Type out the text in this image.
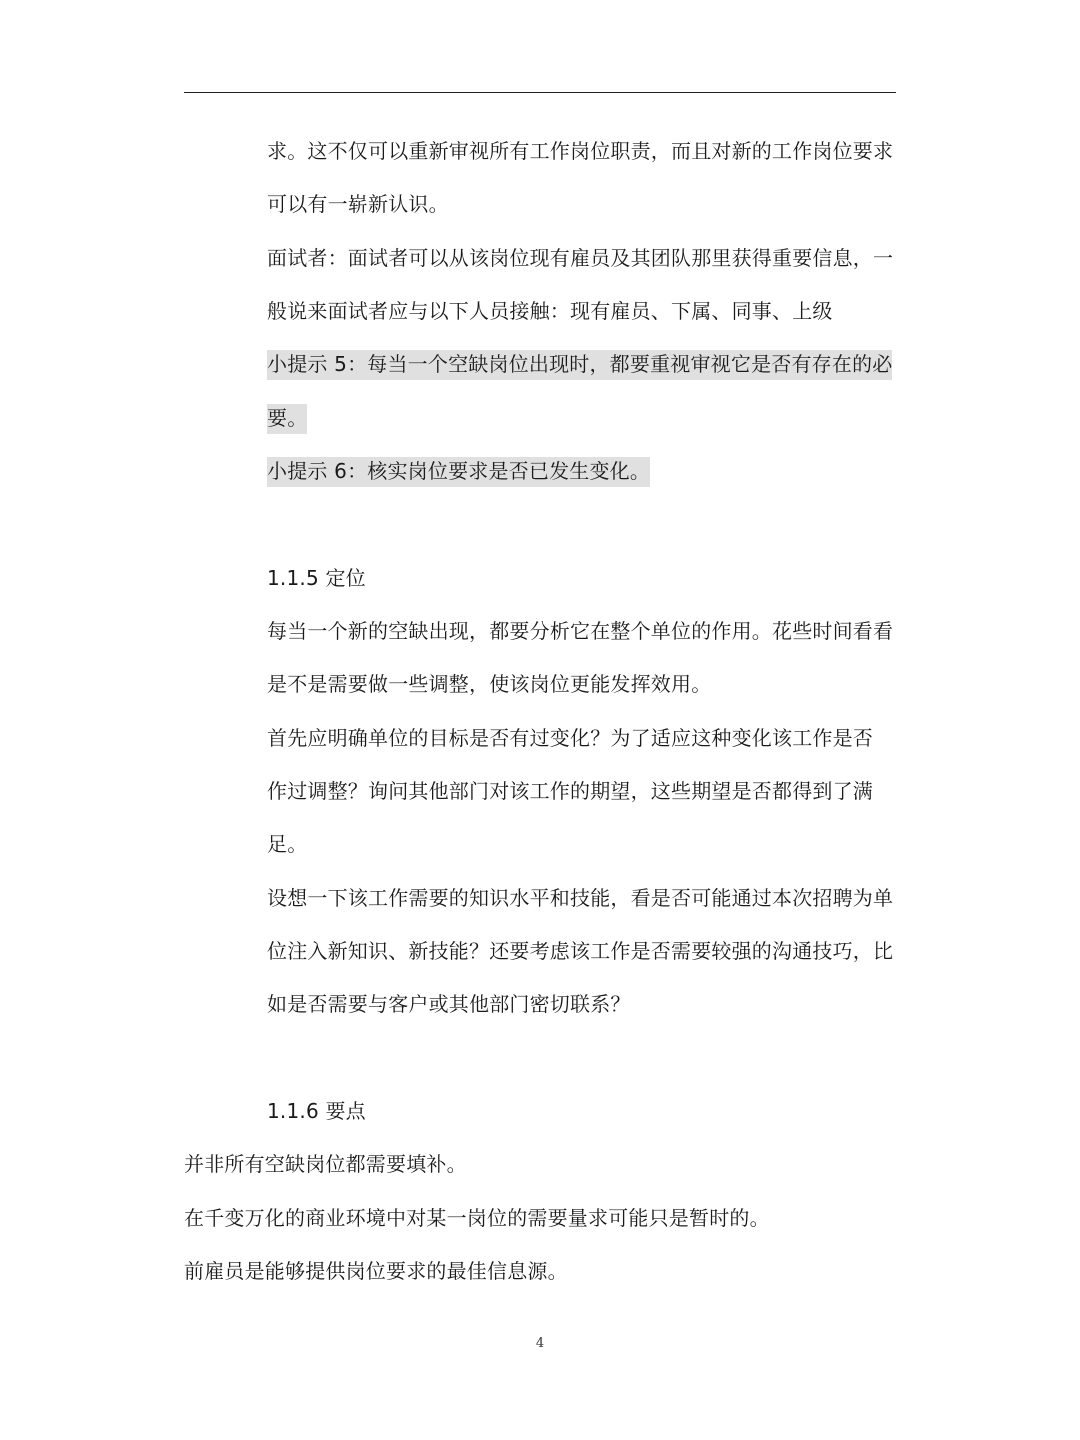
求。这不仅可以重新审视所有工作岗位职责，而且对新的工作岗位要求
可以有一崭新认识。
面试者：面试者可以从该岗位现有雇员及其团队那里获得重要信息，一
般说来面试者应与以下人员接触：现有雇员、下属、同事、上级
小提示 5：每当一个空缺岗位出现时，都要重视审视它是否有存在的必
要。
小提示 6：核实岗位要求是否已发生变化。
1.1.5 定位
每当一个新的空缺出现，都要分析它在整个单位的作用。花些时间看看
是不是需要做一些调整，使该岗位更能发挥效用。
首先应明确单位的目标是否有过变化？为了适应这种变化该工作是否
作过调整？询问其他部门对该工作的期望，这些期望是否都得到了满
足。
设想一下该工作需要的知识水平和技能，看是否可能通过本次招聘为单
位注入新知识、新技能？还要考虑该工作是否需要较强的沟通技巧，比
如是否需要与客户或其他部门密切联系？
1.1.6 要点
并非所有空缺岗位都需要填补。
在千变万化的商业环境中对某一岗位的需要量求可能只是暂时的。
前雇员是能够提供岗位要求的最佳信息源。
4
